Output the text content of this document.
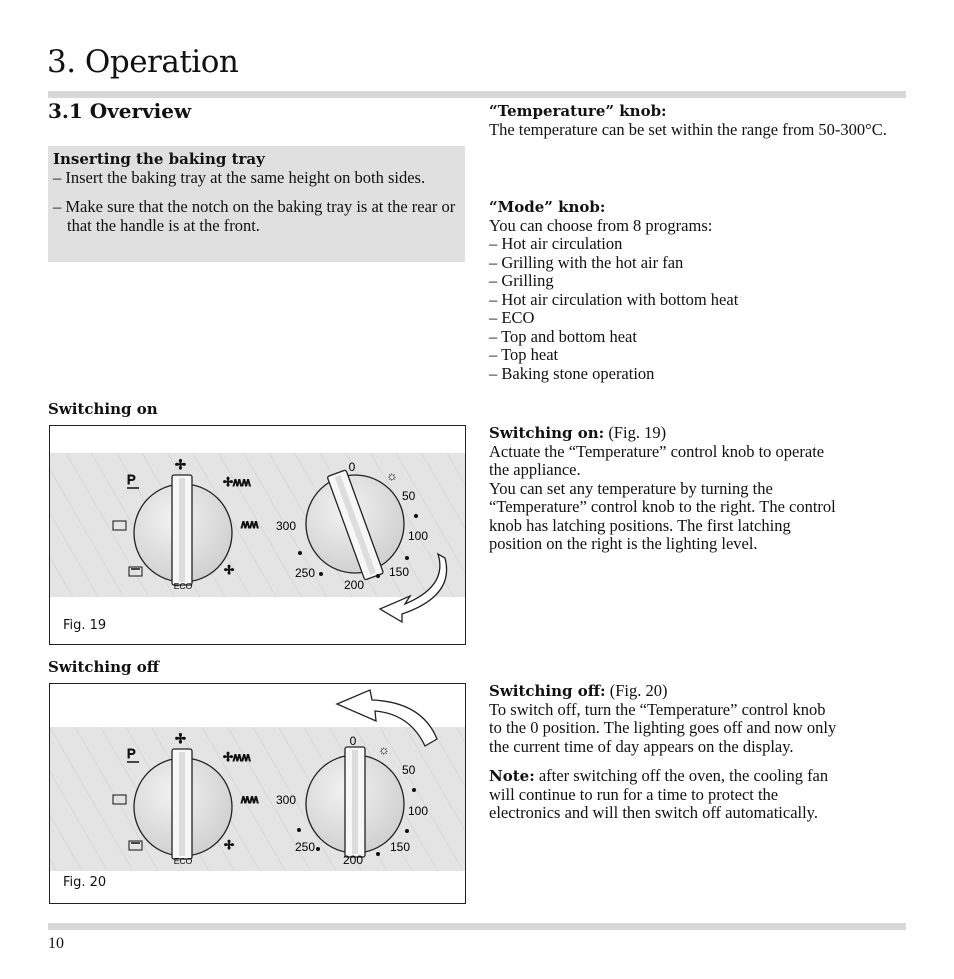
3. Operation
3.1 Overview
Inserting the baking tray
– Insert the baking tray at the same height on both sides.
– Make sure that the notch on the baking tray is at the rear or that the handle is at the front.
“Temperature” knob:
The temperature can be set within the range from 50-300°C.
“Mode” knob:
You can choose from 8 programs:
– Hot air circulation
– Grilling with the hot air fan
– Grilling
– Hot air circulation with bottom heat
– ECO
– Top and bottom heat
– Top heat
– Baking stone operation
Switching on
ECO
P
✢
✢ʍʍ
ʍʍ
✢
0
☼
50
100
150
200
250
300
Fig. 19
Switching on: (Fig. 19)
Actuate the “Temperature” control knob to operate
the appliance.
You can set any temperature by turning the
“Temperature” control knob to the right. The control
knob has latching positions. The first latching
position on the right is the lighting level.
Switching off
ECO
P
✢
✢ʍʍ
ʍʍ
✢
0
☼
50
100
150
200
250
300
Fig. 20
Switching off: (Fig. 20)
To switch off, turn the “Temperature” control knob
to the 0 position. The lighting goes off and now only
the current time of day appears on the display.
Note: after switching off the oven, the cooling fan
will continue to run for a time to protect the
electronics and will then switch off automatically.
10
